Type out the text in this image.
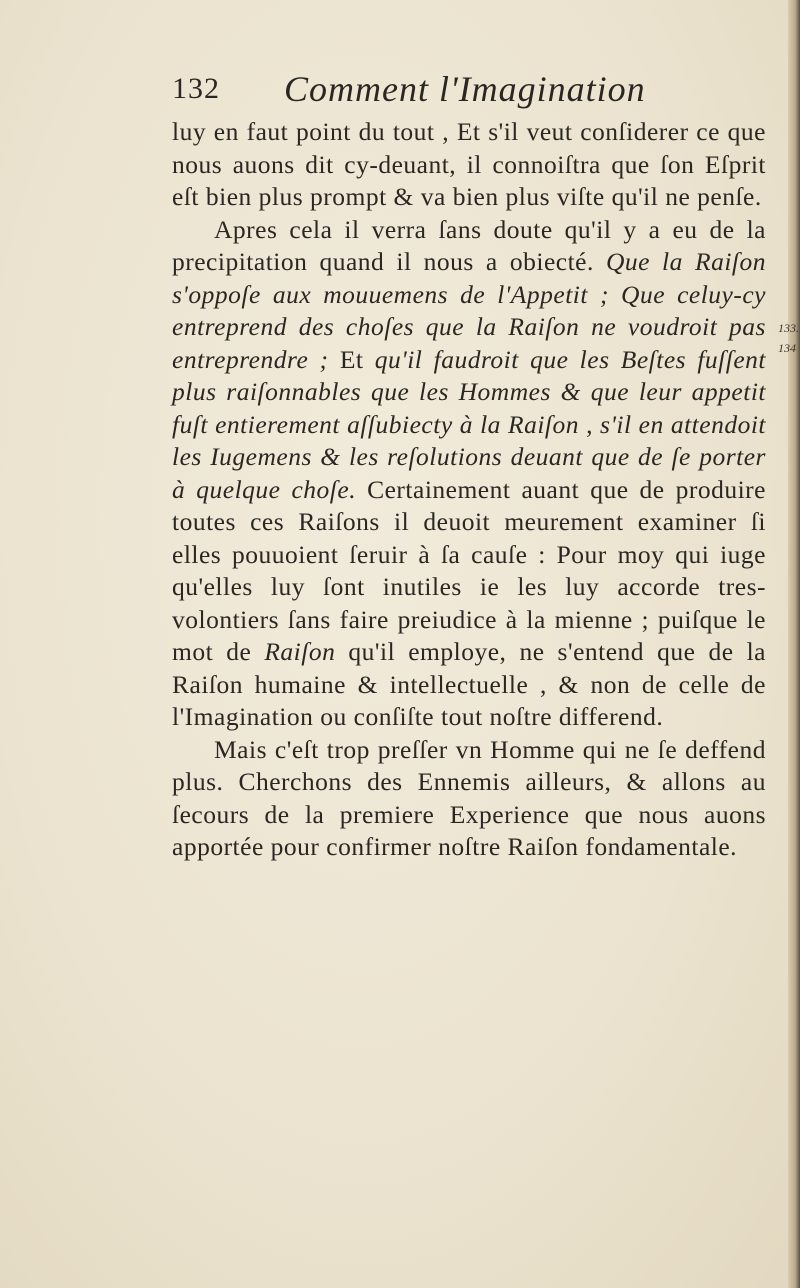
132 Comment l'Imagination
133.
134

luy en faut point du tout , Et s'il veut conſiderer ce que nous auons dit cy-deuant, il connoiſtra que ſon Eſprit eſt bien plus prompt & va bien plus viſte qu'il ne penſe.

Apres cela il verra ſans doute qu'il y a eu de la precipitation quand il nous a obiecté. Que la Raiſon s'oppoſe aux mouuemens de l'Appetit ; Que celuy-cy entreprend des choſes que la Raiſon ne voudroit pas entreprendre ; Et qu'il faudroit que les Beſtes fuſſent plus raiſonnables que les Hommes & que leur appetit fuſt entierement aſſubiecty à la Raiſon , s'il en attendoit les Iugemens & les reſolutions deuant que de ſe porter à quelque choſe. Certainement auant que de produire toutes ces Raiſons il deuoit meurement examiner ſi elles pouuoient ſeruir à ſa cauſe : Pour moy qui iuge qu'elles luy ſont inutiles ie les luy accorde tres-volontiers ſans faire preiudice à la mienne ; puiſque le mot de Raiſon qu'il employe, ne s'entend que de la Raiſon humaine & intellectuelle , & non de celle de l'Imagination ou conſiſte tout noſtre differend.

Mais c'eſt trop preſſer vn Homme qui ne ſe deffend plus. Cherchons des Ennemis ailleurs, & allons au ſecours de la premiere Experience que nous auons apportée pour confirmer noſtre Raiſon fondamentale.
